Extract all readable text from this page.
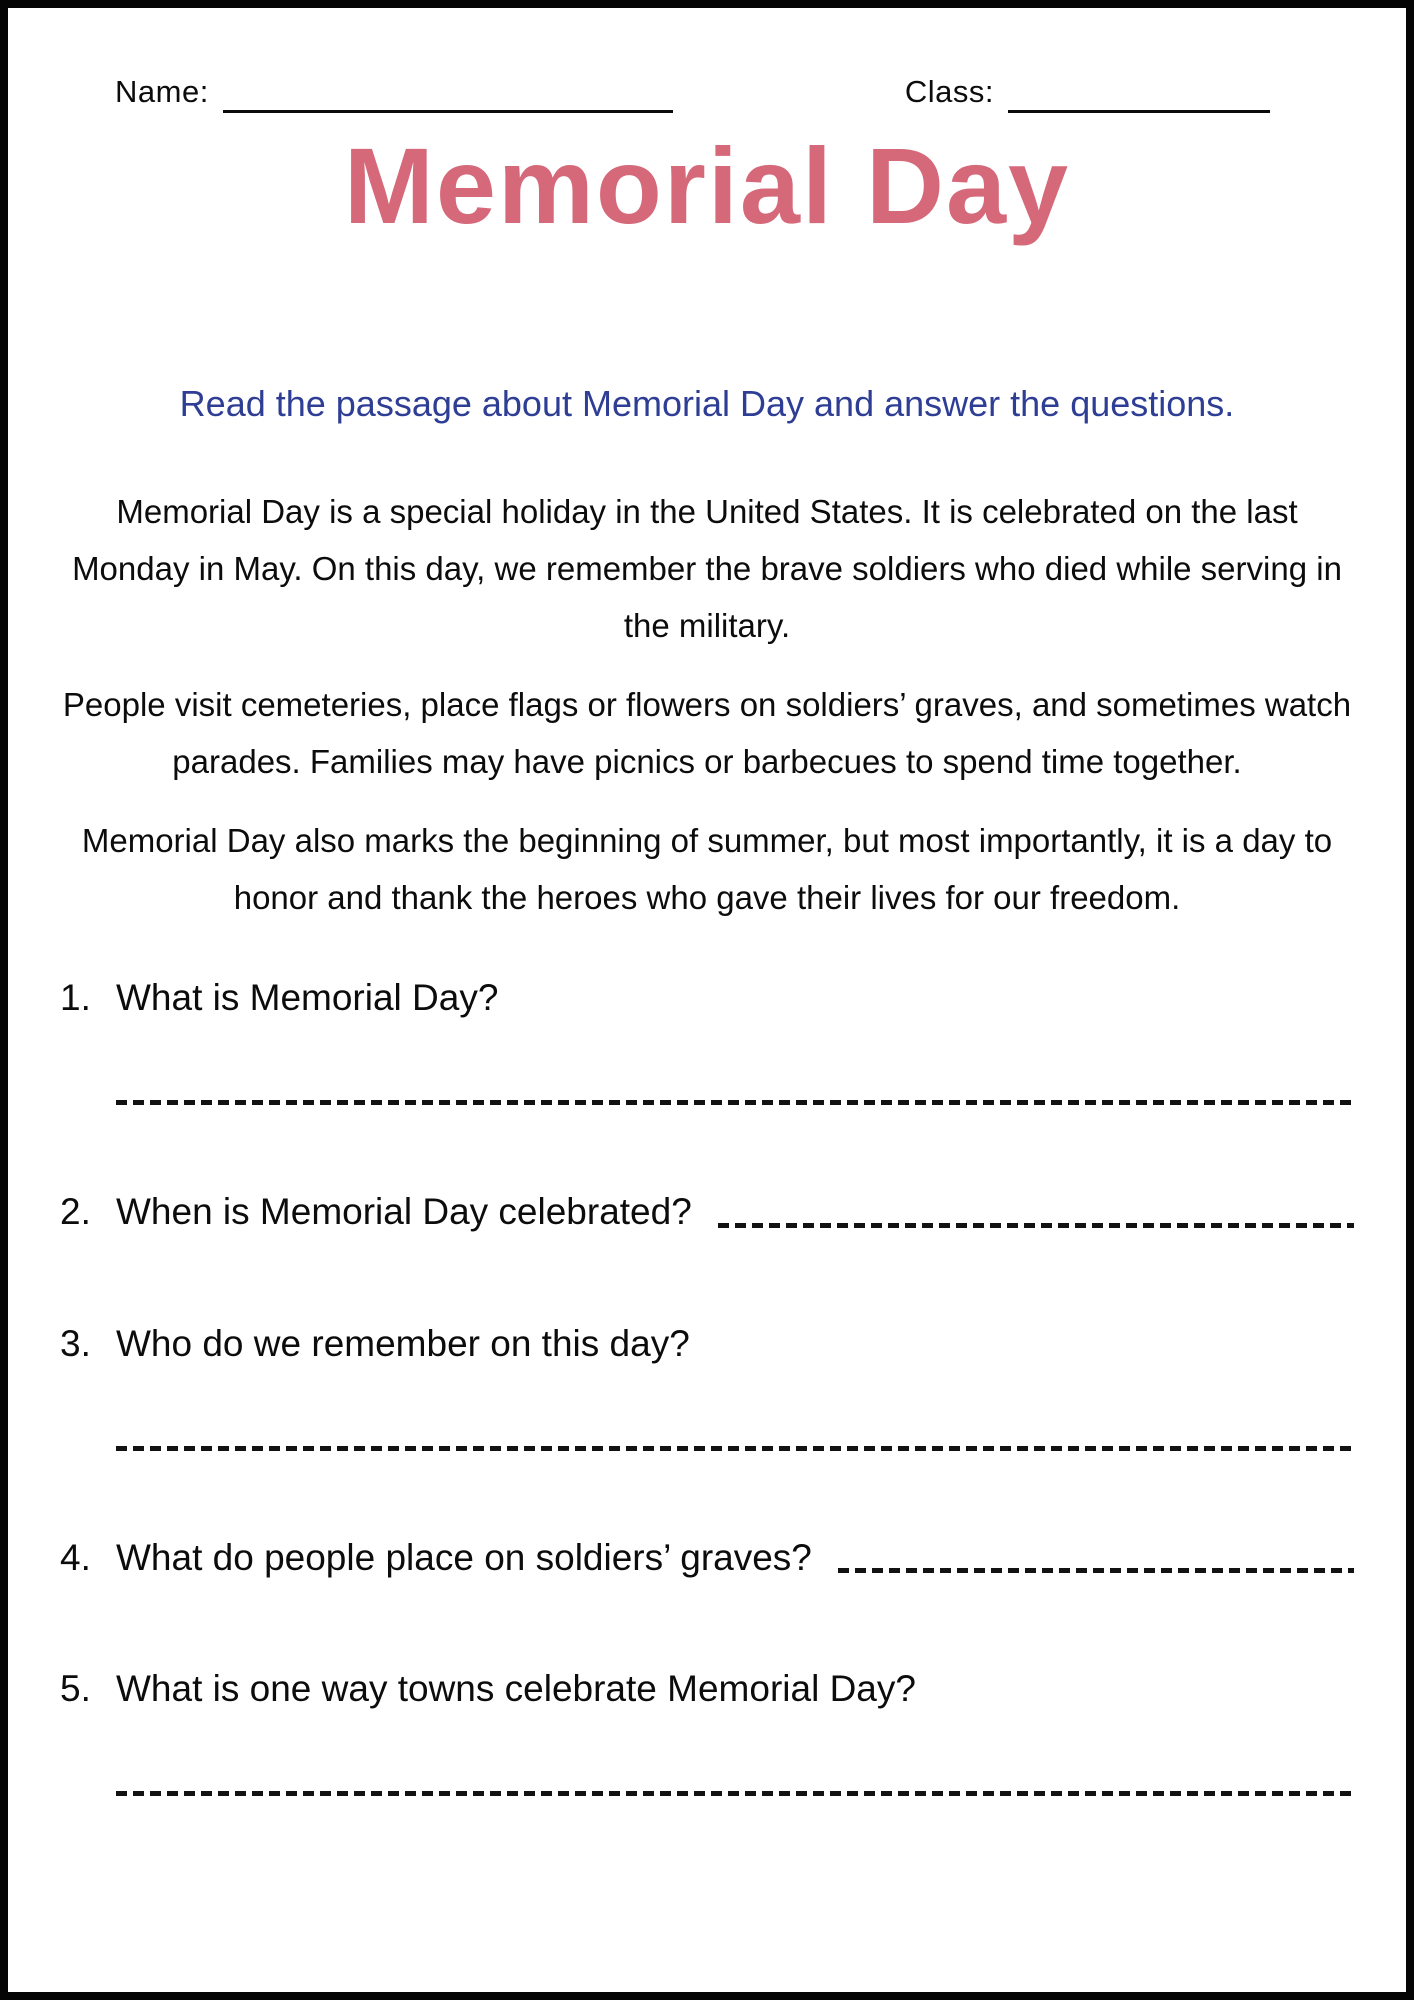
Name:	Class:
Memorial Day
Read the passage about Memorial Day and answer the questions.

Memorial Day is a special holiday in the United States. It is celebrated on the last Monday in May. On this day, we remember the brave soldiers who died while serving in the military.

People visit cemeteries, place flags or flowers on soldiers’ graves, and sometimes watch parades. Families may have picnics or barbecues to spend time together.

Memorial Day also marks the beginning of summer, but most importantly, it is a day to honor and thank the heroes who gave their lives for our freedom.

1. What is Memorial Day?
2. When is Memorial Day celebrated?
3. Who do we remember on this day?
4. What do people place on soldiers’ graves?
5. What is one way towns celebrate Memorial Day?
